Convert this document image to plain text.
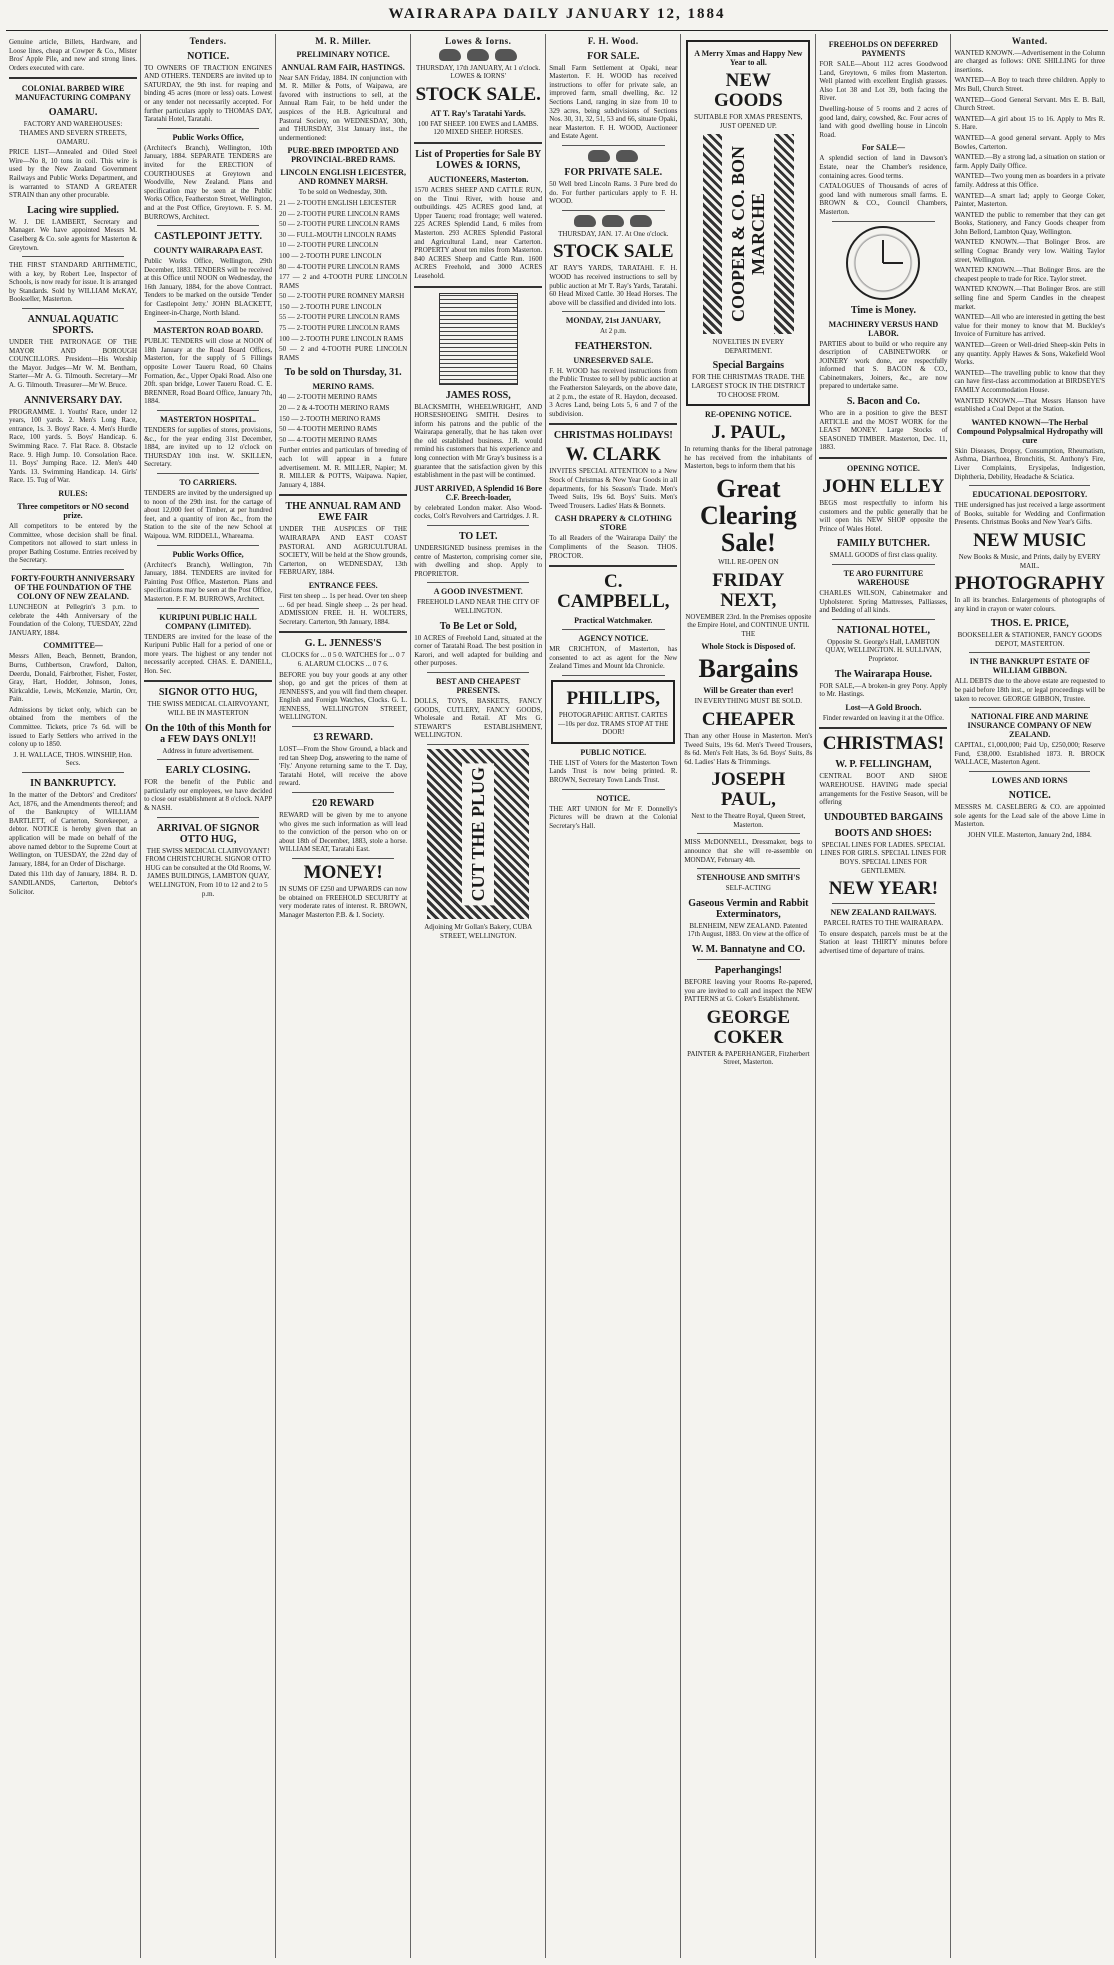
WAIRARAPA DAILY JANUARY 12, 1884
Genuine article, Billets, Hardware, and Loose lines, cheap at Cowper & Co., Mister Bros' Apple Pile, and new and strong lines. Orders executed with care.
COLONIAL BARBED WIRE MANUFACTURING COMPANY
OAMARU.
FACTORY AND WAREHOUSES: THAMES AND SEVERN STREETS, OAMARU.
PRICE LIST—Annealed and Oiled Steel Wire—No 8, 10 tons in coil. This wire is used by the New Zealand Government Railways and Public Works Department, and is warranted to STAND A GREATER STRAIN than any other procurable.
Lacing wire supplied.
W. J. DE LAMBERT, Secretary and Manager. We have appointed Messrs M. Caselberg & Co. sole agents for Masterton & Greytown.
THE FIRST STANDARD ARITHMETIC, with a key, by Robert Lee, Inspector of Schools, is now ready for issue. It is arranged by Standards. Sold by WILLIAM McKAY, Bookseller, Masterton.
ANNUAL AQUATIC SPORTS.
UNDER THE PATRONAGE OF THE MAYOR AND BOROUGH COUNCILLORS. President—His Worship the Mayor. Judges—Mr W. M. Bentham, Starter—Mr A. G. Tilmouth. Secretary—Mr A. G. Tilmouth. Treasurer—Mr W. Bruce.
ANNIVERSARY DAY.
PROGRAMME. 1. Youths' Race, under 12 years, 100 yards. 2. Men's Long Race, entrance, 1s. 3. Boys' Race. 4. Men's Hurdle Race, 100 yards. 5. Boys' Handicap. 6. Swimming Race. 7. Flat Race. 8. Obstacle Race. 9. High Jump. 10. Consolation Race. 11. Boys' Jumping Race. 12. Men's 440 Yards. 13. Swimming Handicap. 14. Girls' Race. 15. Tug of War.
RULES:
Three competitors or NO second prize.
All competitors to be entered by the Committee, whose decision shall be final. Competitors not allowed to start unless in proper Bathing Costume. Entries received by the Secretary.
FORTY-FOURTH ANNIVERSARY OF THE FOUNDATION OF THE COLONY OF NEW ZEALAND.
LUNCHEON at Pellegrin's 3 p.m. to celebrate the 44th Anniversary of the Foundation of the Colony, TUESDAY, 22nd JANUARY, 1884.
COMMITTEE—
Messrs Allen, Beach, Bennett, Brandon, Burns, Cuthbertson, Crawford, Dalton, Deerdu, Donald, Fairbrother, Fisher, Foster, Gray, Hart, Hodder, Johnson, Jones, Kirkcaldie, Lewis, McKenzie, Martin, Orr, Pain.
Admissions by ticket only, which can be obtained from the members of the Committee. Tickets, price 7s 6d. will be issued to Early Settlers who arrived in the colony up to 1850.
J. H. WALLACE, THOS. WINSHIP, Hon. Secs.
IN BANKRUPTCY.
In the matter of the Debtors' and Creditors' Act, 1876, and the Amendments thereof; and of the Bankruptcy of WILLIAM BARTLETT, of Carterton, Storekeeper, a debtor. NOTICE is hereby given that an application will be made on behalf of the above named debtor to the Supreme Court at Wellington, on TUESDAY, the 22nd day of January, 1884, for an Order of Discharge.
Dated this 11th day of January, 1884. R. D. SANDILANDS, Carterton, Debtor's Solicitor.
Tenders.
NOTICE.
TO OWNERS OF TRACTION ENGINES AND OTHERS. TENDERS are invited up to SATURDAY, the 9th inst. for reaping and binding 45 acres (more or less) oats. Lowest or any tender not necessarily accepted. For further particulars apply to THOMAS DAY, Taratahi Hotel, Taratahi.
Public Works Office,
(Architect's Branch), Wellington, 10th January, 1884. SEPARATE TENDERS are invited for the ERECTION of COURTHOUSES at Greytown and Woodville, New Zealand. Plans and specification may be seen at the Public Works Office, Featherston Street, Wellington, and at the Post Office, Greytown. F. S. M. BURROWS, Architect.
CASTLEPOINT JETTY.
COUNTY WAIRARAPA EAST.
Public Works Office, Wellington, 29th December, 1883. TENDERS will be received at this Office until NOON on Wednesday, the 16th January, 1884, for the above Contract. Tenders to be marked on the outside 'Tender for Castlepoint Jetty.' JOHN BLACKETT, Engineer-in-Charge, North Island.
MASTERTON ROAD BOARD.
PUBLIC TENDERS will close at NOON of 18th January at the Road Board Offices, Masterton, for the supply of 5 Fillings opposite Lower Taueru Road, 60 Chains Formation, &c., Upper Opaki Road. Also one 20ft. span bridge, Lower Taueru Road. C. E. BRENNER, Road Board Office, January 7th, 1884.
MASTERTON HOSPITAL.
TENDERS for supplies of stores, provisions, &c., for the year ending 31st December, 1884, are invited up to 12 o'clock on THURSDAY 10th inst. W. SKILLEN, Secretary.
TO CARRIERS.
TENDERS are invited by the undersigned up to noon of the 29th inst. for the cartage of about 12,000 feet of Timber, at per hundred feet, and a quantity of iron &c., from the Station to the site of the new School at Waipoua. WM. RIDDELL, Whareama.
Public Works Office,
(Architect's Branch), Wellington, 7th January, 1884. TENDERS are invited for Painting Post Office, Masterton. Plans and specifications may be seen at the Post Office, Masterton. P. F. M. BURROWS, Architect.
KURIPUNI PUBLIC HALL COMPANY (LIMITED).
TENDERS are invited for the lease of the Kuripuni Public Hall for a period of one or more years. The highest or any tender not necessarily accepted. CHAS. E. DANIELL, Hon. Sec.
SIGNOR OTTO HUG,
THE SWISS MEDICAL CLAIRVOYANT, WILL BE IN MASTERTON
On the 10th of this Month for a FEW DAYS ONLY!!
Address in future advertisement.
EARLY CLOSING.
FOR the benefit of the Public and particularly our employees, we have decided to close our establishment at 8 o'clock. NAPP & NASH.
ARRIVAL OF SIGNOR OTTO HUG,
THE SWISS MEDICAL CLAIRVOYANT! FROM CHRISTCHURCH. SIGNOR OTTO HUG can be consulted at the Old Rooms, W. JAMES BUILDINGS, LAMBTON QUAY, WELLINGTON, From 10 to 12 and 2 to 5 p.m.
M. R. Miller.
PRELIMINARY NOTICE.
ANNUAL RAM FAIR, HASTINGS.
Near SAN Friday, 1884. IN conjunction with M. R. Miller & Potts, of Waipawa, are favored with instructions to sell, at the Annual Ram Fair, to be held under the auspices of the H.B. Agricultural and Pastoral Society, on WEDNESDAY, 30th, and THURSDAY, 31st January inst., the undermentioned:
PURE-BRED IMPORTED AND PROVINCIAL-BRED RAMS.
LINCOLN ENGLISH LEICESTER, AND ROMNEY MARSH.
To be sold on Wednesday, 30th.
21 — 2-TOOTH ENGLISH LEICESTER
20 — 2-TOOTH PURE LINCOLN RAMS
50 — 2-TOOTH PURE LINCOLN RAMS
30 — FULL-MOUTH LINCOLN RAMS
10 — 2-TOOTH PURE LINCOLN
100 — 2-TOOTH PURE LINCOLN
80 — 4-TOOTH PURE LINCOLN RAMS
177 — 2 and 4-TOOTH PURE LINCOLN RAMS
50 — 2-TOOTH PURE ROMNEY MARSH
150 — 2-TOOTH PURE LINCOLN
55 — 2-TOOTH PURE LINCOLN RAMS
75 — 2-TOOTH PURE LINCOLN RAMS
100 — 2-TOOTH PURE LINCOLN RAMS
50 — 2 and 4-TOOTH PURE LINCOLN RAMS
To be sold on Thursday, 31.
MERINO RAMS.
40 — 2-TOOTH MERINO RAMS
20 — 2 & 4-TOOTH MERINO RAMS
150 — 2-TOOTH MERINO RAMS
50 — 4-TOOTH MERINO RAMS
50 — 4-TOOTH MERINO RAMS
Further entries and particulars of breeding of each lot will appear in a future advertisement. M. R. MILLER, Napier; M. R. MILLER & POTTS, Waipawa. Napier, January 4, 1884.
THE ANNUAL RAM AND EWE FAIR
UNDER THE AUSPICES OF THE WAIRARAPA AND EAST COAST PASTORAL AND AGRICULTURAL SOCIETY, Will be held at the Show grounds, Carterton, on WEDNESDAY, 13th FEBRUARY, 1884.
ENTRANCE FEES.
First ten sheep ... 1s per head. Over ten sheep ... 6d per head. Single sheep ... 2s per head. ADMISSION FREE. H. H. WOLTERS, Secretary. Carterton, 9th January, 1884.
G. L. JENNESS'S
CLOCKS for ... 0 5 0. WATCHES for ... 0 7 6. ALARUM CLOCKS ... 0 7 6.
BEFORE you buy your goods at any other shop, go and get the prices of them at JENNESS'S, and you will find them cheaper. English and Foreign Watches, Clocks. G. L. JENNESS, WELLINGTON STREET, WELLINGTON.
£3 REWARD.
LOST—From the Show Ground, a black and red tan Sheep Dog, answering to the name of 'Fly.' Anyone returning same to the T. Day, Taratahi Hotel, will receive the above reward.
£20 REWARD
REWARD will be given by me to anyone who gives me such information as will lead to the conviction of the person who on or about 18th of December, 1883, stole a horse. WILLIAM SEAT, Taratahi East.
MONEY!
IN SUMS OF £250 and UPWARDS can now be obtained on FREEHOLD SECURITY at very moderate rates of interest. R. BROWN, Manager Masterton P.B. & I. Society.
Lowes & Iorns.
THURSDAY, 17th JANUARY, At 1 o'clock. LOWES & IORNS'
STOCK SALE.
AT T. Ray's Taratahi Yards.
100 FAT SHEEP. 100 EWES and LAMBS. 120 MIXED SHEEP. HORSES.
List of Properties for Sale BY LOWES & IORNS,
AUCTIONEERS, Masterton.
1570 ACRES SHEEP AND CATTLE RUN, on the Tinui River, with house and outbuildings. 425 ACRES good land, at Upper Taueru; road frontage; well watered. 225 ACRES Splendid Land, 6 miles from Masterton. 293 ACRES Splendid Pastoral and Agricultural Land, near Carterton. PROPERTY about ten miles from Masterton. 840 ACRES Sheep and Cattle Run. 1600 ACRES Freehold, and 3000 ACRES Leasehold.
JAMES ROSS,
BLACKSMITH, WHEELWRIGHT, AND HORSESHOEING SMITH. Desires to inform his patrons and the public of the Wairarapa generally, that he has taken over the old established business. J.R. would remind his customers that his experience and long connection with Mr Gray's business is a guarantee that the satisfaction given by this establishment in the past will be continued.
JUST ARRIVED, A Splendid 16 Bore C.F. Breech-loader,
by celebrated London maker. Also Wood-cocks, Colt's Revolvers and Cartridges. J. R.
TO LET.
UNDERSIGNED business premises in the centre of Masterton, comprising corner site, with dwelling and shop. Apply to PROPRIETOR.
A GOOD INVESTMENT.
FREEHOLD LAND NEAR THE CITY OF WELLINGTON.
To Be Let or Sold,
10 ACRES of Freehold Land, situated at the corner of Taratahi Road. The best position in Karori, and well adapted for building and other purposes.
BEST AND CHEAPEST PRESENTS.
DOLLS, TOYS, BASKETS, FANCY GOODS, CUTLERY, FANCY GOODS, Wholesale and Retail. AT Mrs G. STEWART'S ESTABLISHMENT, WELLINGTON.
CUT THE PLUG
Adjoining Mr Gollan's Bakery, CUBA STREET, WELLINGTON.
F. H. Wood.
FOR SALE.
Small Farm Settlement at Opaki, near Masterton. F. H. WOOD has received instructions to offer for private sale, an improved farm, small dwelling, &c. 12 Sections Land, ranging in size from 10 to 329 acres, being subdivisions of Sections Nos. 30, 31, 32, 51, 53 and 66, situate Opaki, near Masterton. F. H. WOOD, Auctioneer and Estate Agent.
FOR PRIVATE SALE.
50 Well bred Lincoln Rams. 3 Pure bred do do. For further particulars apply to F. H. WOOD.
THURSDAY, JAN. 17. At One o'clock.
STOCK SALE
AT RAY'S YARDS, TARATAHI. F. H. WOOD has received instructions to sell by public auction at Mr T. Ray's Yards, Taratahi. 60 Head Mixed Cattle. 30 Head Horses. The above will be classified and divided into lots.
MONDAY, 21st JANUARY,
At 2 p.m.
FEATHERSTON.
UNRESERVED SALE.
F. H. WOOD has received instructions from the Public Trustee to sell by public auction at the Featherston Saleyards, on the above date, at 2 p.m., the estate of R. Haydon, deceased. 3 Acres Land, being Lots 5, 6 and 7 of the subdivision.
CHRISTMAS HOLIDAYS!
W. CLARK
INVITES SPECIAL ATTENTION to a New Stock of Christmas & New Year Goods in all departments, for his Season's Trade. Men's Tweed Suits, 19s 6d. Boys' Suits. Men's Tweed Trousers. Ladies' Hats & Bonnets.
CASH DRAPERY & CLOTHING STORE
To all Readers of the 'Wairarapa Daily' the Compliments of the Season. THOS. PROCTOR.
C. CAMPBELL,
Practical Watchmaker.
AGENCY NOTICE.
MR CRICHTON, of Masterton, has consented to act as agent for the New Zealand Times and Mount Ida Chronicle.
PHILLIPS,
PHOTOGRAPHIC ARTIST. CARTES—10s per doz. TRAMS STOP AT THE DOOR!
PUBLIC NOTICE.
THE LIST of Voters for the Masterton Town Lands Trust is now being printed. R. BROWN, Secretary Town Lands Trust.
NOTICE.
THE ART UNION for Mr F. Donnelly's Pictures will be drawn at the Colonial Secretary's Hall.
A Merry Xmas and Happy New Year to all.
NEW GOODS
SUITABLE FOR XMAS PRESENTS, JUST OPENED UP.
COOPER & CO. BON MARCHE
NOVELTIES IN EVERY DEPARTMENT.
Special Bargains
FOR THE CHRISTMAS TRADE. THE LARGEST STOCK IN THE DISTRICT TO CHOOSE FROM.
RE-OPENING NOTICE.
J. PAUL,
In returning thanks for the liberal patronage he has received from the inhabitants of Masterton, begs to inform them that his
Great Clearing Sale!
WILL RE-OPEN ON
FRIDAY NEXT,
NOVEMBER 23rd. In the Premises opposite the Empire Hotel, and CONTINUE UNTIL THE
Whole Stock is Disposed of.
Bargains
Will be Greater than ever!
IN EVERYTHING MUST BE SOLD.
CHEAPER
Than any other House in Masterton. Men's Tweed Suits, 19s 6d. Men's Tweed Trousers, 8s 6d. Men's Felt Hats, 3s 6d. Boys' Suits, 8s 6d. Ladies' Hats & Trimmings.
JOSEPH PAUL,
Next to the Theatre Royal, Queen Street, Masterton.
MISS McDONNELL, Dressmaker, begs to announce that she will re-assemble on MONDAY, February 4th.
STENHOUSE AND SMITH'S
SELF-ACTING
Gaseous Vermin and Rabbit Exterminators,
BLENHEIM, NEW ZEALAND. Patented 17th August, 1883. On view at the office of
W. M. Bannatyne and CO.
Paperhangings!
BEFORE leaving your Rooms Re-papered, you are invited to call and inspect the NEW PATTERNS at G. Coker's Establishment.
GEORGE COKER
PAINTER & PAPERHANGER, Fitzherbert Street, Masterton.
FREEHOLDS ON DEFERRED PAYMENTS
FOR SALE—About 112 acres Goodwood Land, Greytown, 6 miles from Masterton. Well planted with excellent English grasses. Also Lot 38 and Lot 39, both facing the River.
Dwelling-house of 5 rooms and 2 acres of good land, dairy, cowshed, &c. Four acres of land with good dwelling house in Lincoln Road.
For SALE—
A splendid section of land in Dawson's Estate, near the Chamber's residence, containing acres. Good terms.
CATALOGUES of Thousands of acres of good land with numerous small farms. E. BROWN & CO., Council Chambers, Masterton.
Time is Money.
MACHINERY VERSUS HAND LABOR.
PARTIES about to build or who require any description of CABINETWORK or JOINERY work done, are respectfully informed that S. BACON & CO., Cabinetmakers, Joiners, &c., are now prepared to undertake same.
S. Bacon and Co.
Who are in a position to give the BEST ARTICLE and the MOST WORK for the LEAST MONEY. Large Stocks of SEASONED TIMBER. Masterton, Dec. 11, 1883.
OPENING NOTICE.
JOHN ELLEY
BEGS most respectfully to inform his customers and the public generally that he will open his NEW SHOP opposite the Prince of Wales Hotel.
FAMILY BUTCHER.
SMALL GOODS of first class quality.
TE ARO FURNITURE WAREHOUSE
CHARLES WILSON, Cabinetmaker and Upholsterer. Spring Mattresses, Palliasses, and Bedding of all kinds.
NATIONAL HOTEL,
Opposite St. George's Hall, LAMBTON QUAY, WELLINGTON. H. SULLIVAN, Proprietor.
The Wairarapa House.
FOR SALE,—A broken-in grey Pony. Apply to Mr. Hastings.
Lost—A Gold Brooch.
Finder rewarded on leaving it at the Office.
CHRISTMAS!
W. P. FELLINGHAM,
CENTRAL BOOT AND SHOE WAREHOUSE. HAVING made special arrangements for the Festive Season, will be offering
UNDOUBTED BARGAINS
BOOTS AND SHOES:
SPECIAL LINES FOR LADIES. SPECIAL LINES FOR GIRLS. SPECIAL LINES FOR BOYS. SPECIAL LINES FOR GENTLEMEN.
NEW YEAR!
NEW ZEALAND RAILWAYS.
PARCEL RATES TO THE WAIRARAPA.
To ensure despatch, parcels must be at the Station at least THIRTY minutes before advertised time of departure of trains.
Wanted.
WANTED KNOWN.—Advertisement in the Column are charged as follows: ONE SHILLING for three insertions.
WANTED—A Boy to teach three children. Apply to Mrs Bull, Church Street.
WANTED—Good General Servant. Mrs E. B. Ball, Church Street.
WANTED—A girl about 15 to 16. Apply to Mrs R. S. Hare.
WANTED—A good general servant. Apply to Mrs Bowles, Carterton.
WANTED.—By a strong lad, a situation on station or farm. Apply Daily Office.
WANTED—Two young men as boarders in a private family. Address at this Office.
WANTED—A smart lad; apply to George Coker, Painter, Masterton.
WANTED the public to remember that they can get Books, Stationery, and Fancy Goods cheaper from John Bellord, Lambton Quay, Wellington.
WANTED KNOWN.—That Bolinger Bros. are selling Cognac Brandy very low. Waiting Taylor street, Wellington.
WANTED KNOWN.—That Bolinger Bros. are the cheapest people to trade for Rice. Taylor street.
WANTED KNOWN.—That Bolinger Bros. are still selling fine and Sperm Candles in the cheapest market.
WANTED—All who are interested in getting the best value for their money to know that M. Buckley's Invoice of Furniture has arrived.
WANTED—Green or Well-dried Sheep-skin Pelts in any quantity. Apply Hawes & Sons, Wakefield Wool Works.
WANTED—The travelling public to know that they can have first-class accommodation at BIRDSEYE'S FAMILY Accommodation House.
WANTED KNOWN.—That Messrs Hanson have established a Coal Depot at the Station.
WANTED KNOWN—The Herbal Compound Polypsalmical Hydropathy will cure
Skin Diseases, Dropsy, Consumption, Rheumatism, Asthma, Diarrhoea, Bronchitis, St. Anthony's Fire, Liver Complaints, Erysipelas, Indigestion, Diphtheria, Debility, Headache & Sciatica.
EDUCATIONAL DEPOSITORY.
THE undersigned has just received a large assortment of Books, suitable for Wedding and Confirmation Presents. Christmas Books and New Year's Gifts.
NEW MUSIC
New Books & Music, and Prints, daily by EVERY MAIL.
PHOTOGRAPHY
In all its branches. Enlargements of photographs of any kind in crayon or water colours.
THOS. E. PRICE,
BOOKSELLER & STATIONER, FANCY GOODS DEPOT, MASTERTON.
IN THE BANKRUPT ESTATE OF WILLIAM GIBBON.
ALL DEBTS due to the above estate are requested to be paid before 18th inst., or legal proceedings will be taken to recover. GEORGE GIBBON, Trustee.
NATIONAL FIRE AND MARINE INSURANCE COMPANY OF NEW ZEALAND.
CAPITAL, £1,000,000; Paid Up, £250,000; Reserve Fund, £38,000. Established 1873. R. BROCK WALLACE, Masterton Agent.
LOWES AND IORNS
NOTICE.
MESSRS M. CASELBERG & CO. are appointed sole agents for the Lead sale of the above Lime in Masterton.
JOHN VILE. Masterton, January 2nd, 1884.
